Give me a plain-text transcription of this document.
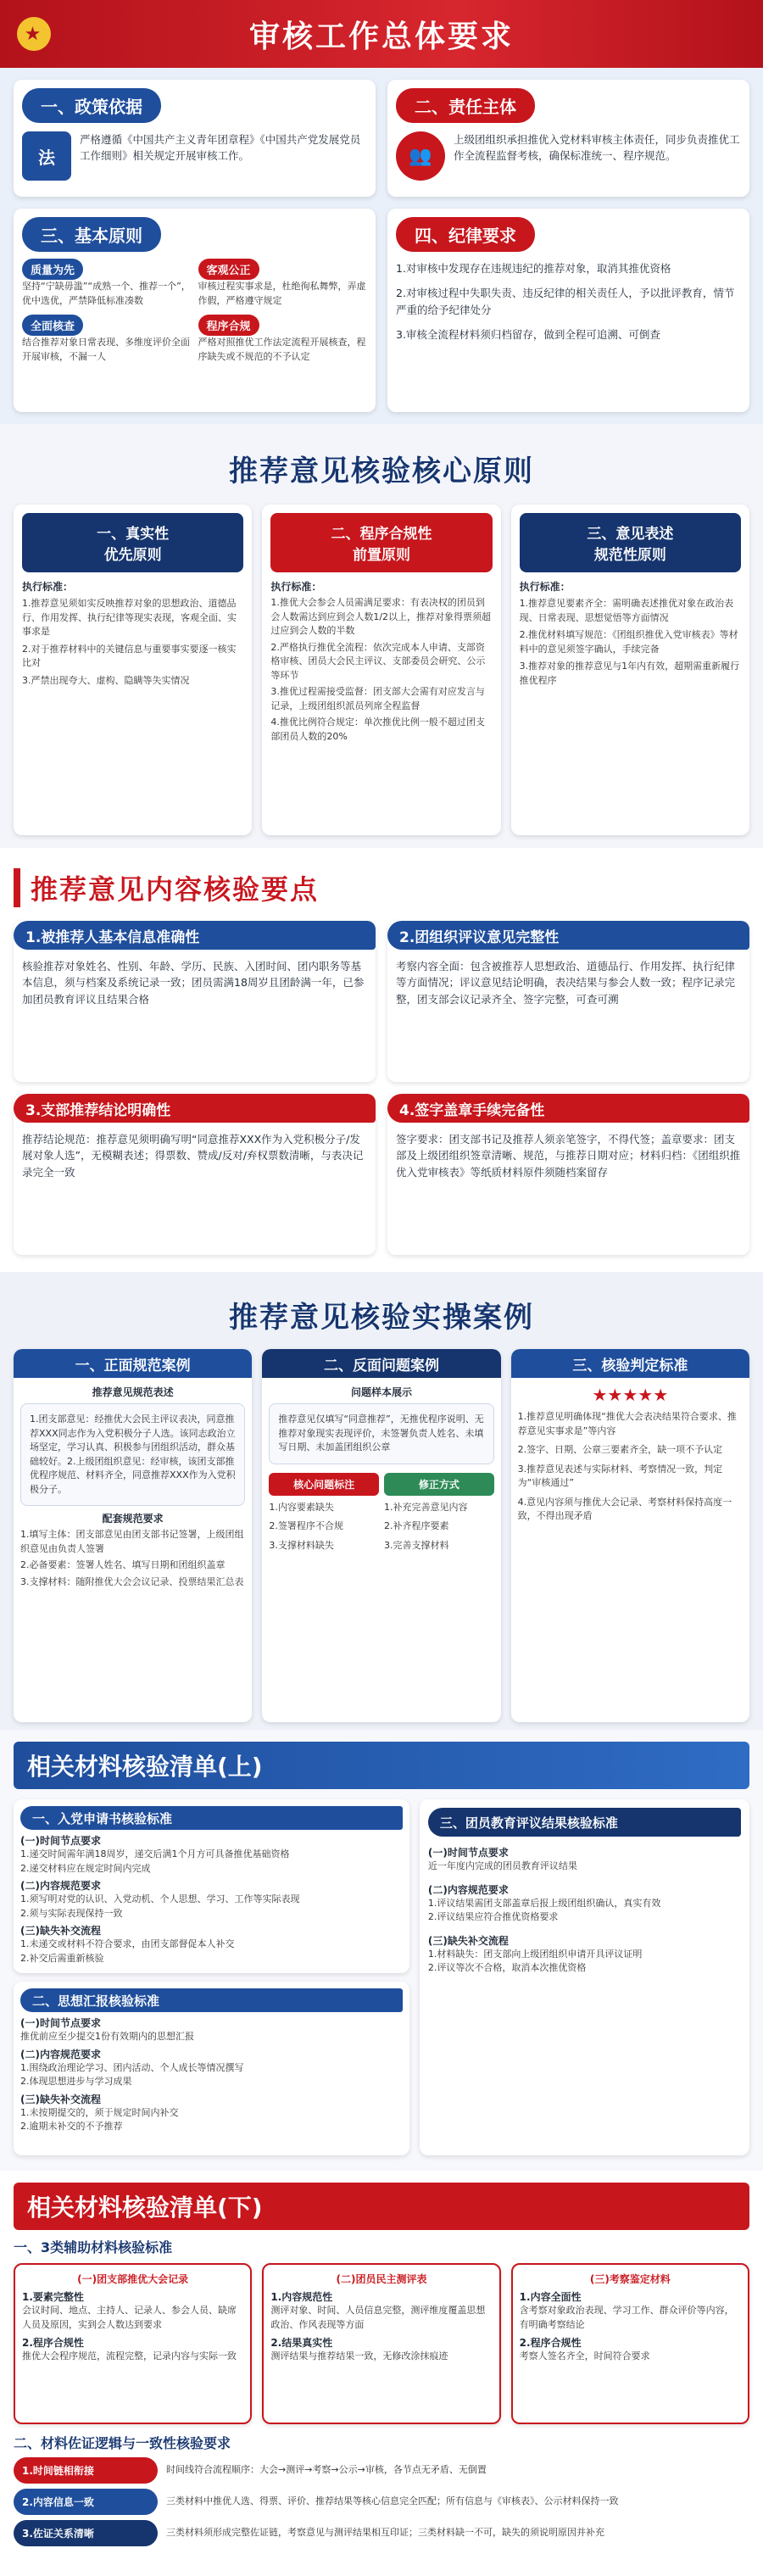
★	审核工作总体要求
一、政策依据
法
严格遵循《中国共产主义青年团章程》《中国共产党发展党员工作细则》相关规定开展审核工作。
二、责任主体
👥
上级团组织承担推优入党材料审核主体责任，同步负责推优工作全流程监督考核，确保标准统一、程序规范。
三、基本原则
质量为先
坚持“宁缺毋滥”“成熟一个、推荐一个”，优中选优，严禁降低标准凑数
客观公正
审核过程实事求是，杜绝徇私舞弊，弄虚作假，严格遵守规定
全面核查
结合推荐对象日常表现、多维度评价全面开展审核，不漏一人
程序合规
严格对照推优工作法定流程开展核查，程序缺失或不规范的不予认定
四、纪律要求
1.对审核中发现存在违规违纪的推荐对象，取消其推优资格
2.对审核过程中失职失责、违反纪律的相关责任人，予以批评教育，情节严重的给予纪律处分
3.审核全流程材料须归档留存，做到全程可追溯、可倒查
推荐意见核验核心原则
一、真实性
优先原则
执行标准：
1.推荐意见须如实反映推荐对象的思想政治、道德品行、作用发挥、执行纪律等现实表现，客观全面、实事求是
2.对于推荐材料中的关键信息与重要事实要逐一核实比对
3.严禁出现夸大、虚构、隐瞒等失实情况
二、程序合规性
前置原则
执行标准：
1.推优大会参会人员需满足要求：有表决权的团员到会人数需达到应到会人数1/2以上，推荐对象得票须超过应到会人数的半数
2.严格执行推优全流程：依次完成本人申请、支部资格审核、团员大会民主评议、支部委员会研究、公示等环节
3.推优过程需接受监督：团支部大会需有对应发言与记录，上级团组织派员列席全程监督
4.推优比例符合规定：单次推优比例一般不超过团支部团员人数的20%
三、意见表述
规范性原则
执行标准：
1.推荐意见要素齐全：需明确表述推优对象在政治表现、日常表现、思想觉悟等方面情况
2.推优材料填写规范：《团组织推优入党审核表》等材料中的意见须签字确认，手续完备
3.推荐对象的推荐意见与1年内有效，超期需重新履行推优程序
推荐意见内容核验要点
1.被推荐人基本信息准确性
核验推荐对象姓名、性别、年龄、学历、民族、入团时间、团内职务等基本信息，须与档案及系统记录一致；团员需满18周岁且团龄满一年，已参加团员教育评议且结果合格
2.团组织评议意见完整性
考察内容全面：包含被推荐人思想政治、道德品行、作用发挥、执行纪律等方面情况；评议意见结论明确，表决结果与参会人数一致；程序记录完整，团支部会议记录齐全、签字完整，可查可溯
3.支部推荐结论明确性
推荐结论规范：推荐意见须明确写明“同意推荐XXX作为入党积极分子/发展对象人选”，无模糊表述；得票数、赞成/反对/弃权票数清晰，与表决记录完全一致
4.签字盖章手续完备性
签字要求：团支部书记及推荐人须亲笔签字，不得代签；盖章要求：团支部及上级团组织签章清晰、规范，与推荐日期对应；材料归档：《团组织推优入党审核表》等纸质材料原件须随档案留存
推荐意见核验实操案例
一、正面规范案例
推荐意见规范表述
1.团支部意见：经推优大会民主评议表决，同意推荐XXX同志作为入党积极分子人选。该同志政治立场坚定，学习认真、积极参与团组织活动，群众基础较好。2.上级团组织意见：经审核，该团支部推优程序规范、材料齐全，同意推荐XXX作为入党积极分子。
配套规范要求
1.填写主体：团支部意见由团支部书记签署，上级团组织意见由负责人签署
2.必备要素：签署人姓名、填写日期和团组织盖章
3.支撑材料：随附推优大会会议记录、投票结果汇总表
二、反面问题案例
问题样本展示
推荐意见仅填写“同意推荐”，无推优程序说明、无推荐对象现实表现评价，未签署负责人姓名、未填写日期、未加盖团组织公章
核心问题标注	修正方式
1.内容要素缺失	1.补充完善意见内容
2.签署程序不合规	2.补齐程序要素
3.支撑材料缺失	3.完善支撑材料
三、核验判定标准
★★★★★
1.推荐意见明确体现“推优大会表决结果符合要求、推荐意见实事求是”等内容
2.签字、日期、公章三要素齐全，缺一项不予认定
3.推荐意见表述与实际材料、考察情况一致，判定为“审核通过”
4.意见内容须与推优大会记录、考察材料保持高度一致，不得出现矛盾
相关材料核验清单(上)
一、入党申请书核验标准
(一)时间节点要求
1.递交时间需年满18周岁，递交后满1个月方可具备推优基础资格
2.递交材料应在规定时间内完成
(二)内容规范要求
1.须写明对党的认识、入党动机、个人思想、学习、工作等实际表现
2.须与实际表现保持一致
(三)缺失补交流程
1.未递交或材料不符合要求，由团支部督促本人补交
2.补交后需重新核验
二、思想汇报核验标准
(一)时间节点要求
推优前应至少提交1份有效期内的思想汇报
(二)内容规范要求
1.围绕政治理论学习、团内活动、个人成长等情况撰写
2.体现思想进步与学习成果
(三)缺失补交流程
1.未按期提交的，须于规定时间内补交
2.逾期未补交的不予推荐
三、团员教育评议结果核验标准
(一)时间节点要求
近一年度内完成的团员教育评议结果
(二)内容规范要求
1.评议结果需团支部盖章后报上级团组织确认，真实有效
2.评议结果应符合推优资格要求
(三)缺失补交流程
1.材料缺失：团支部向上级团组织申请开具评议证明
2.评议等次不合格，取消本次推优资格
相关材料核验清单(下)
一、3类辅助材料核验标准
(一)团支部推优大会记录
1.要素完整性
会议时间、地点、主持人、记录人、参会人员、缺席人员及原因，实到会人数达到要求
2.程序合规性
推优大会程序规范，流程完整，记录内容与实际一致
(二)团员民主测评表
1.内容规范性
测评对象、时间、人员信息完整，测评维度覆盖思想政治、作风表现等方面
2.结果真实性
测评结果与推荐结果一致，无修改涂抹痕迹
(三)考察鉴定材料
1.内容全面性
含考察对象政治表现、学习工作、群众评价等内容，有明确考察结论
2.程序合规性
考察人签名齐全，时间符合要求
二、材料佐证逻辑与一致性核验要求
1.时间链相衔接	时间线符合流程顺序：大会→测评→考察→公示→审核，各节点无矛盾、无倒置
2.内容信息一致	三类材料中推优人选、得票、评价、推荐结果等核心信息完全匹配；所有信息与《审核表》、公示材料保持一致
3.佐证关系清晰	三类材料须形成完整佐证链，考察意见与测评结果相互印证；三类材料缺一不可，缺失的须说明原因并补充
